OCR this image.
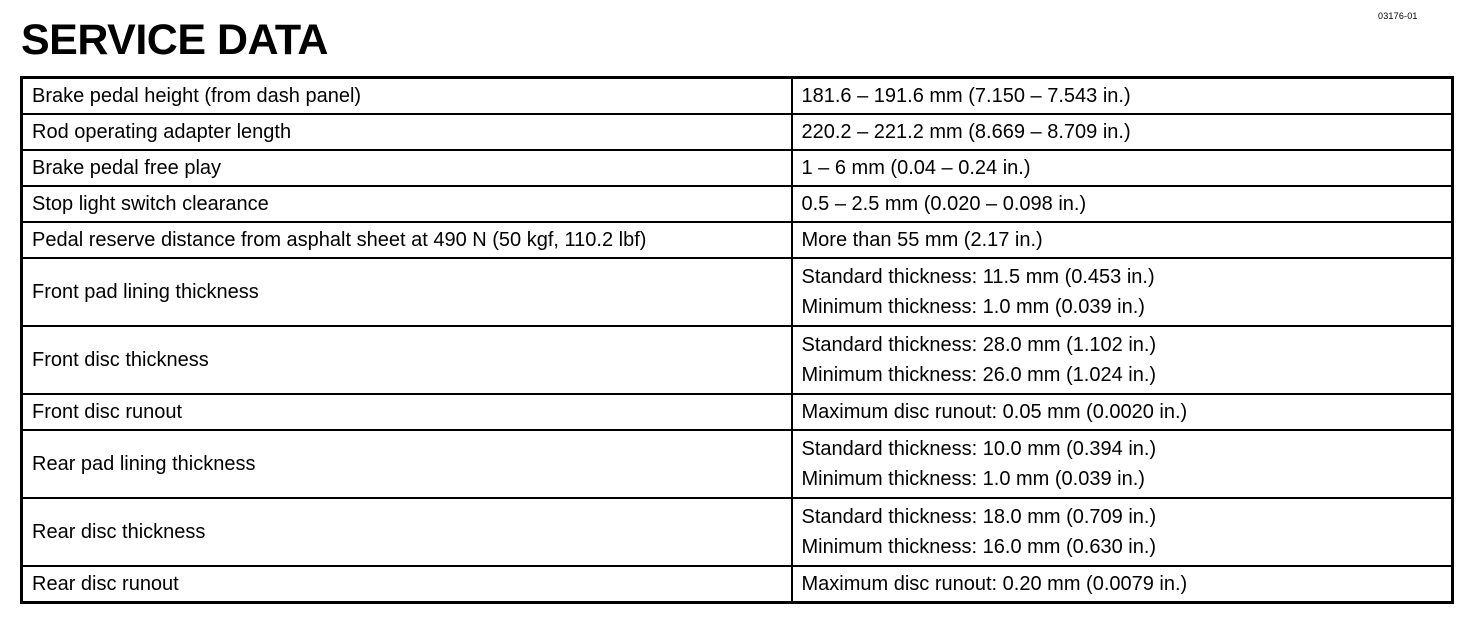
03176-01
SERVICE DATA
Brake pedal height (from dash panel)	181.6 – 191.6 mm (7.150 – 7.543 in.)

Rod operating adapter length	220.2 – 221.2 mm (8.669 – 8.709 in.)

Brake pedal free play	1 – 6 mm (0.04 – 0.24 in.)

Stop light switch clearance	0.5 – 2.5 mm (0.020 – 0.098 in.)

Pedal reserve distance from asphalt sheet at 490 N (50 kgf, 110.2 lbf)	More than 55 mm (2.17 in.)

Front pad lining thickness	Standard thickness: 11.5 mm (0.453 in.)
Minimum thickness: 1.0 mm (0.039 in.)

Front disc thickness	Standard thickness: 28.0 mm (1.102 in.)
Minimum thickness: 26.0 mm (1.024 in.)

Front disc runout	Maximum disc runout: 0.05 mm (0.0020 in.)

Rear pad lining thickness	Standard thickness: 10.0 mm (0.394 in.)
Minimum thickness: 1.0 mm (0.039 in.)

Rear disc thickness	Standard thickness: 18.0 mm (0.709 in.)
Minimum thickness: 16.0 mm (0.630 in.)

Rear disc runout	Maximum disc runout: 0.20 mm (0.0079 in.)
